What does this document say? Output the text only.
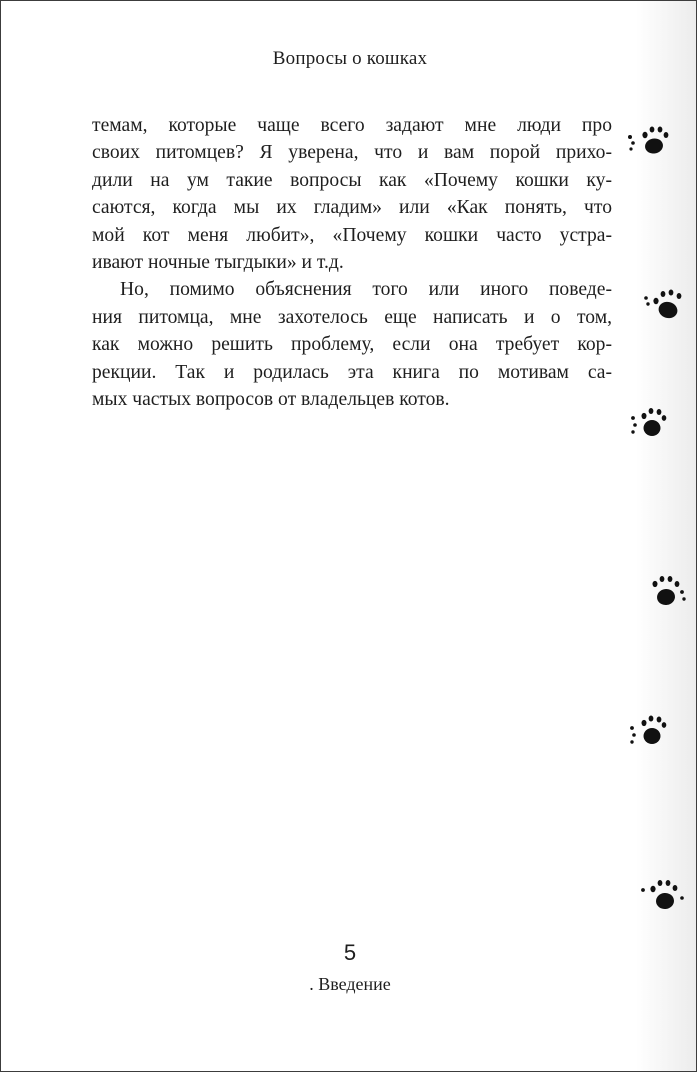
Вопросы о кошках
темам, которые чаще всего задают мне люди про
своих питомцев? Я уверена, что и вам порой прихо-
дили на ум такие вопросы как «Почему кошки ку-
саются, когда мы их гладим» или «Как понять, что
мой кот меня любит», «Почему кошки часто устра-
ивают ночные тыгдыки» и т.д.
Но, помимо объяснения того или иного поведе-
ния питомца, мне захотелось еще написать и о том,
как можно решить проблему, если она требует кор-
рекции. Так и родилась эта книга по мотивам са-
мых частых вопросов от владельцев котов.
5
. Введение
